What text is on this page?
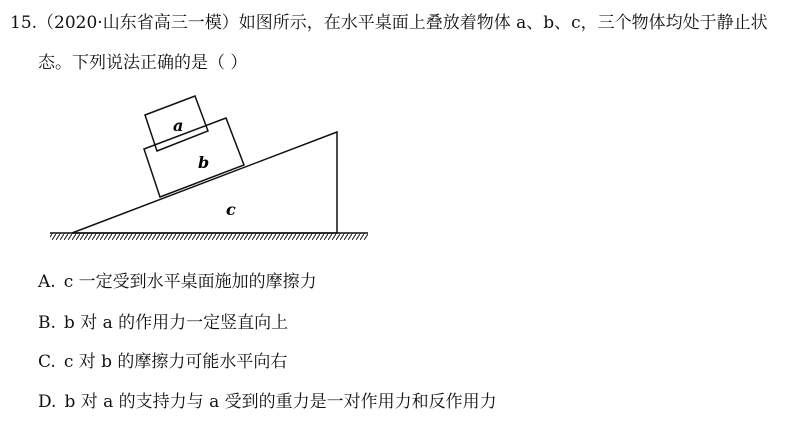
15.（2020·山东省高三一模）如图所示，在水平桌面上叠放着物体 a、b、c，三个物体均处于静止状
态。下列说法正确的是（ ）
a
b
c
A. c 一定受到水平桌面施加的摩擦力
B. b 对 a 的作用力一定竖直向上
C. c 对 b 的摩擦力可能水平向右
D. b 对 a 的支持力与 a 受到的重力是一对作用力和反作用力
